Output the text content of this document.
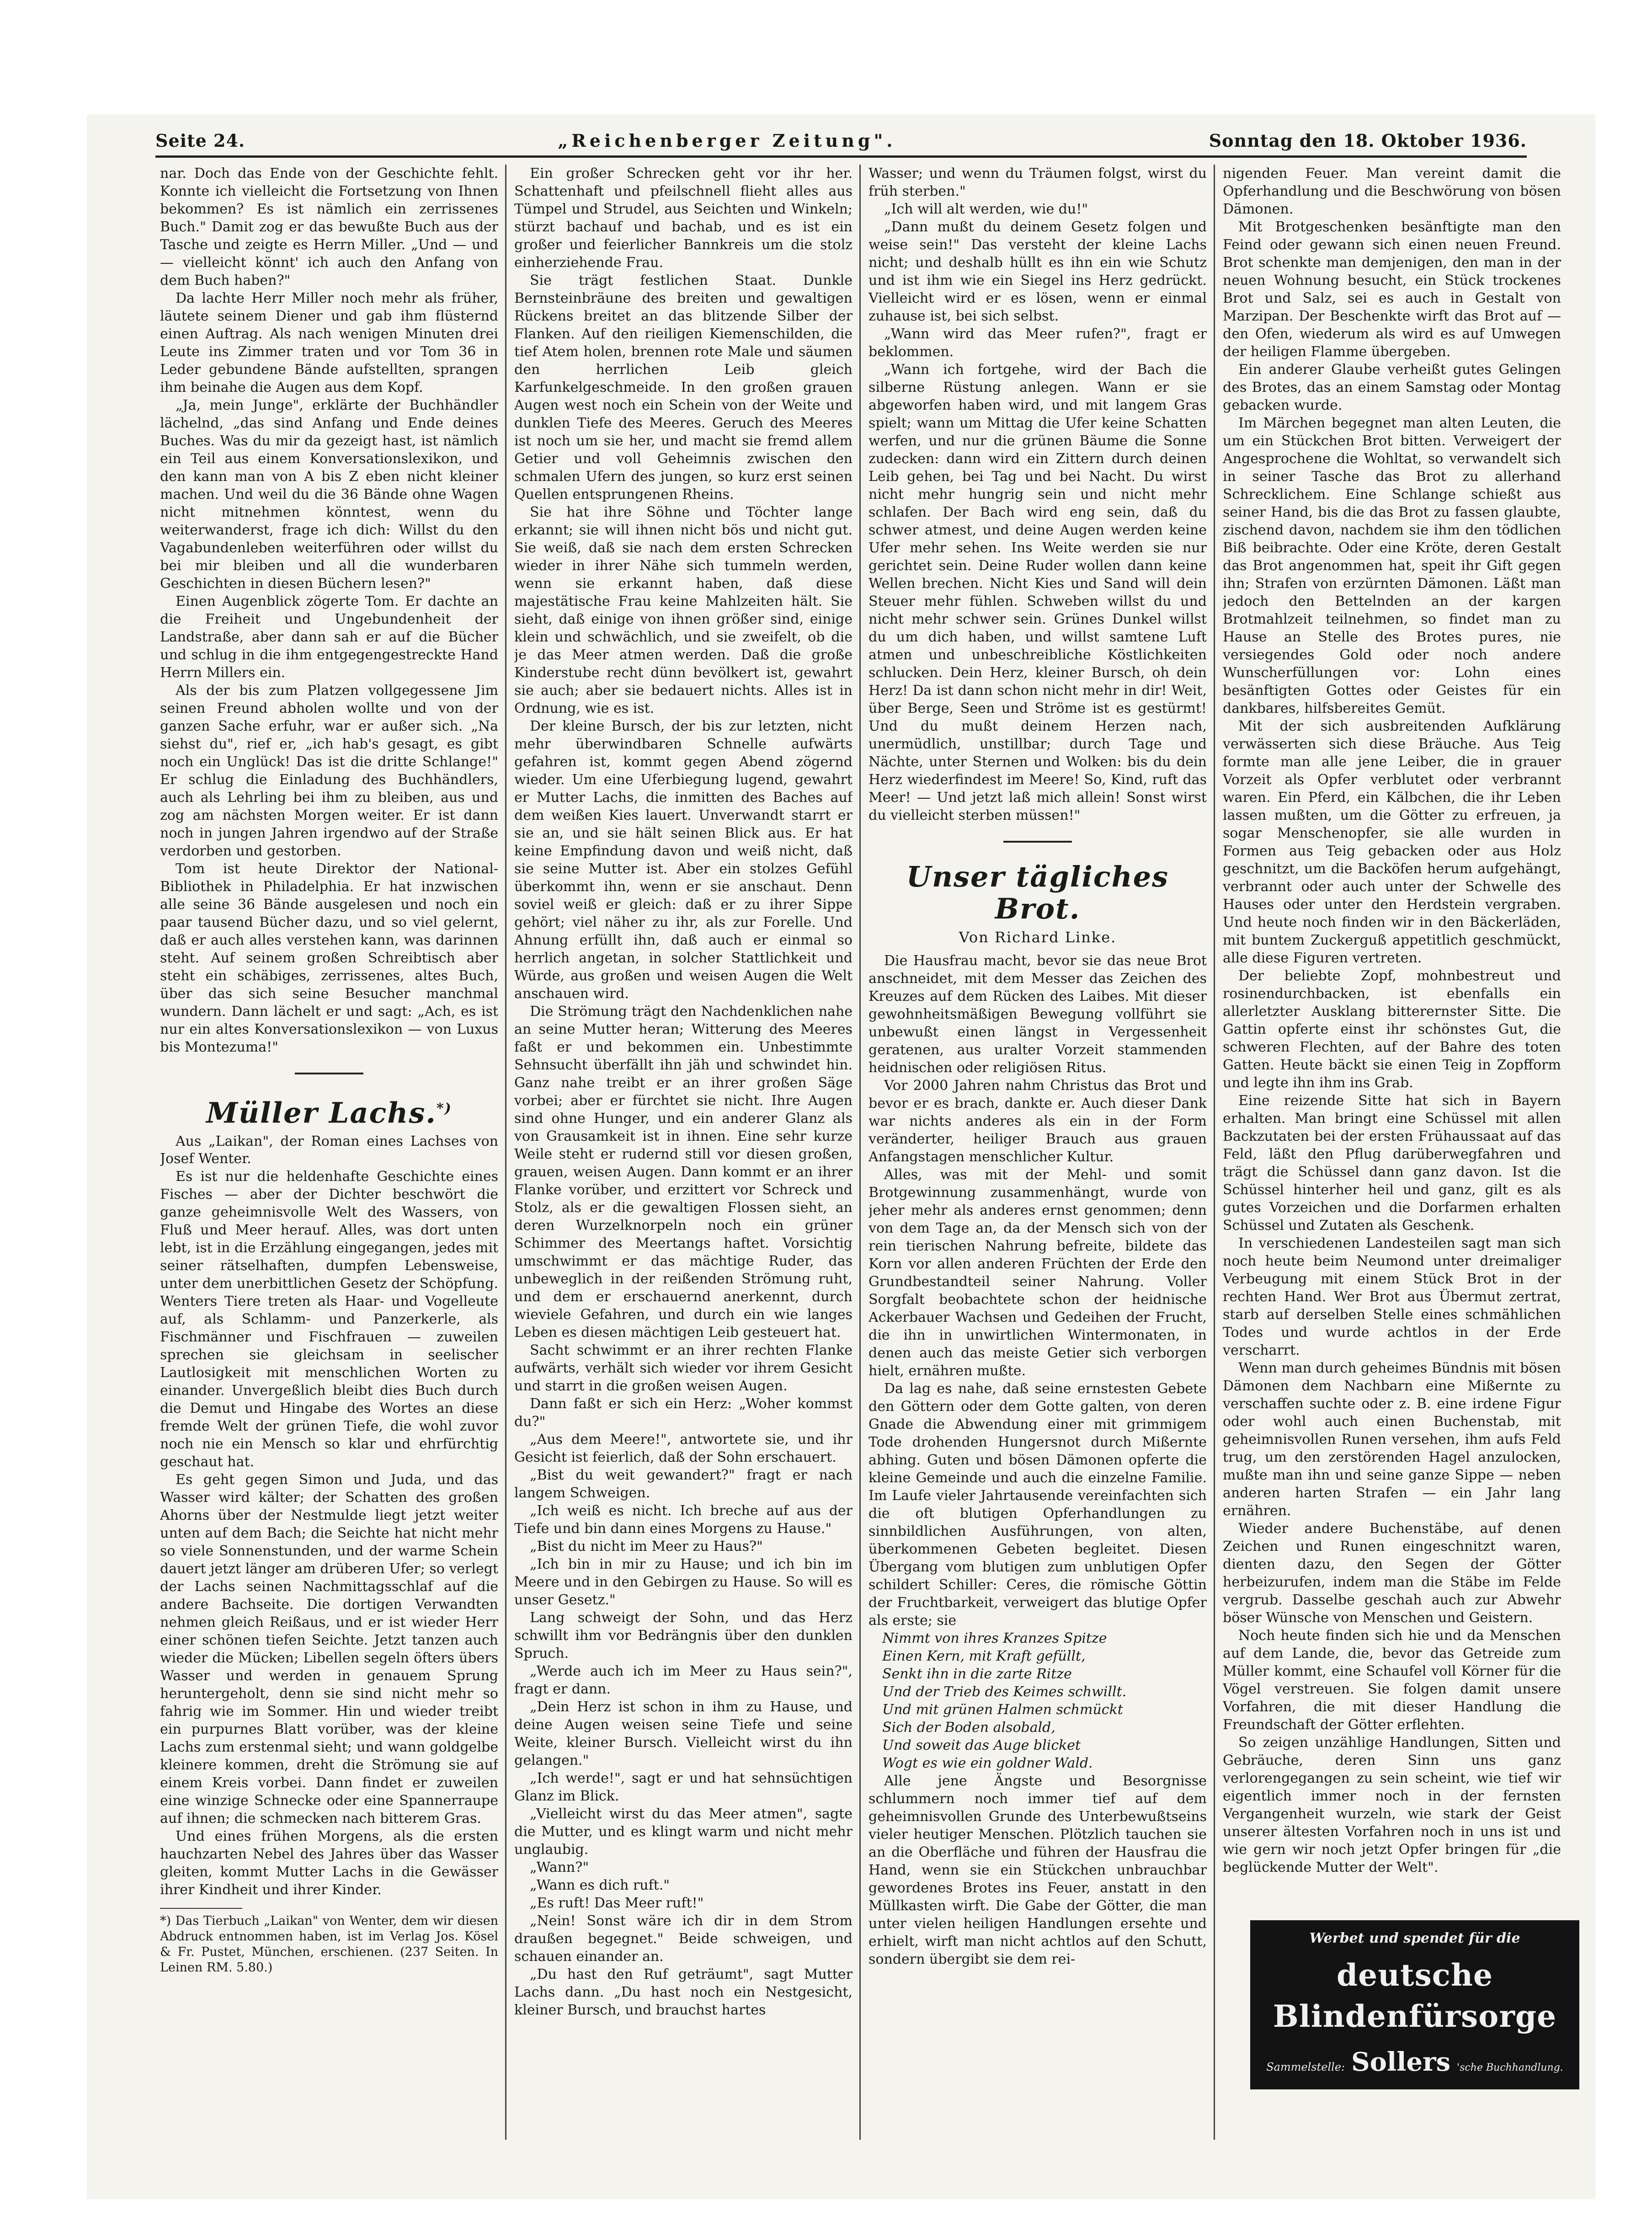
Seite 24.	„Reichenberger Zeitung".	Sonntag den 18. Oktober 1936.

nar. Doch das Ende von der Geschichte fehlt. Konnte ich vielleicht die Fortsetzung von Ihnen bekommen? Es ist nämlich ein zerrissenes Buch." Damit zog er das bewußte Buch aus der Tasche und zeigte es Herrn Miller. „Und — und — vielleicht könnt' ich auch den Anfang von dem Buch haben?"

Da lachte Herr Miller noch mehr als früher, läutete seinem Diener und gab ihm flüsternd einen Auftrag. Als nach wenigen Minuten drei Leute ins Zimmer traten und vor Tom 36 in Leder gebundene Bände aufstellten, sprangen ihm beinahe die Augen aus dem Kopf.

„Ja, mein Junge", erklärte der Buchhändler lächelnd, „das sind Anfang und Ende deines Buches. Was du mir da gezeigt hast, ist nämlich ein Teil aus einem Konversationslexikon, und den kann man von A bis Z eben nicht kleiner machen. Und weil du die 36 Bände ohne Wagen nicht mitnehmen könntest, wenn du weiterwanderst, frage ich dich: Willst du den Vagabundenleben weiterführen oder willst du bei mir bleiben und all die wunderbaren Geschichten in diesen Büchern lesen?"

Einen Augenblick zögerte Tom. Er dachte an die Freiheit und Ungebundenheit der Landstraße, aber dann sah er auf die Bücher und schlug in die ihm entgegengestreckte Hand Herrn Millers ein.

Als der bis zum Platzen vollgegessene Jim seinen Freund abholen wollte und von der ganzen Sache erfuhr, war er außer sich. „Na siehst du", rief er, „ich hab's gesagt, es gibt noch ein Unglück! Das ist die dritte Schlange!" Er schlug die Einladung des Buchhändlers, auch als Lehrling bei ihm zu bleiben, aus und zog am nächsten Morgen weiter. Er ist dann noch in jungen Jahren irgendwo auf der Straße verdorben und gestorben.

Tom ist heute Direktor der National-Bibliothek in Philadelphia. Er hat inzwischen alle seine 36 Bände ausgelesen und noch ein paar tausend Bücher dazu, und so viel gelernt, daß er auch alles verstehen kann, was darinnen steht. Auf seinem großen Schreibtisch aber steht ein schäbiges, zerrissenes, altes Buch, über das sich seine Besucher manchmal wundern. Dann lächelt er und sagt: „Ach, es ist nur ein altes Konversationslexikon — von Luxus bis Montezuma!"

Müller Lachs.*)

Aus „Laikan", der Roman eines Lachses von Josef Wenter.

Es ist nur die heldenhafte Geschichte eines Fisches — aber der Dichter beschwört die ganze geheimnisvolle Welt des Wassers, von Fluß und Meer herauf. Alles, was dort unten lebt, ist in die Erzählung eingegangen, jedes mit seiner rätselhaften, dumpfen Lebensweise, unter dem unerbittlichen Gesetz der Schöpfung. Wenters Tiere treten als Haar- und Vogelleute auf, als Schlamm- und Panzerkerle, als Fischmänner und Fischfrauen — zuweilen sprechen sie gleichsam in seelischer Lautlosigkeit mit menschlichen Worten zu einander. Unvergeßlich bleibt dies Buch durch die Demut und Hingabe des Wortes an diese fremde Welt der grünen Tiefe, die wohl zuvor noch nie ein Mensch so klar und ehrfürchtig geschaut hat.

Es geht gegen Simon und Juda, und das Wasser wird kälter; der Schatten des großen Ahorns über der Nestmulde liegt jetzt weiter unten auf dem Bach; die Seichte hat nicht mehr so viele Sonnenstunden, und der warme Schein dauert jetzt länger am drüberen Ufer; so verlegt der Lachs seinen Nachmittagsschlaf auf die andere Bachseite. Die dortigen Verwandten nehmen gleich Reißaus, und er ist wieder Herr einer schönen tiefen Seichte. Jetzt tanzen auch wieder die Mücken; Libellen segeln öfters übers Wasser und werden in genauem Sprung heruntergeholt, denn sie sind nicht mehr so fahrig wie im Sommer. Hin und wieder treibt ein purpurnes Blatt vorüber, was der kleine Lachs zum erstenmal sieht; und wann goldgelbe kleinere kommen, dreht die Strömung sie auf einem Kreis vorbei. Dann findet er zuweilen eine winzige Schnecke oder eine Spannerraupe auf ihnen; die schmecken nach bitterem Gras.

Und eines frühen Morgens, als die ersten hauchzarten Nebel des Jahres über das Wasser gleiten, kommt Mutter Lachs in die Gewässer ihrer Kindheit und ihrer Kinder.

*) Das Tierbuch „Laikan" von Wenter, dem wir diesen Abdruck entnommen haben, ist im Verlag Jos. Kösel & Fr. Pustet, München, erschienen. (237 Seiten. In Leinen RM. 5.80.)

Ein großer Schrecken geht vor ihr her. Schattenhaft und pfeilschnell flieht alles aus Tümpel und Strudel, aus Seichten und Winkeln; stürzt bachauf und bachab, und es ist ein großer und feierlicher Bannkreis um die stolz einherziehende Frau.

Sie trägt festlichen Staat. Dunkle Bernsteinbräune des breiten und gewaltigen Rückens breitet an das blitzende Silber der Flanken. Auf den rieiligen Kiemenschilden, die tief Atem holen, brennen rote Male und säumen den herrlichen Leib gleich Karfunkelgeschmeide. In den großen grauen Augen west noch ein Schein von der Weite und dunklen Tiefe des Meeres. Geruch des Meeres ist noch um sie her, und macht sie fremd allem Getier und voll Geheimnis zwischen den schmalen Ufern des jungen, so kurz erst seinen Quellen entsprungenen Rheins.

Sie hat ihre Söhne und Töchter lange erkannt; sie will ihnen nicht bös und nicht gut. Sie weiß, daß sie nach dem ersten Schrecken wieder in ihrer Nähe sich tummeln werden, wenn sie erkannt haben, daß diese majestätische Frau keine Mahlzeiten hält. Sie sieht, daß einige von ihnen größer sind, einige klein und schwächlich, und sie zweifelt, ob die je das Meer atmen werden. Daß die große Kinderstube recht dünn bevölkert ist, gewahrt sie auch; aber sie bedauert nichts. Alles ist in Ordnung, wie es ist.

Der kleine Bursch, der bis zur letzten, nicht mehr überwindbaren Schnelle aufwärts gefahren ist, kommt gegen Abend zögernd wieder. Um eine Uferbiegung lugend, gewahrt er Mutter Lachs, die inmitten des Baches auf dem weißen Kies lauert. Unverwandt starrt er sie an, und sie hält seinen Blick aus. Er hat keine Empfindung davon und weiß nicht, daß sie seine Mutter ist. Aber ein stolzes Gefühl überkommt ihn, wenn er sie anschaut. Denn soviel weiß er gleich: daß er zu ihrer Sippe gehört; viel näher zu ihr, als zur Forelle. Und Ahnung erfüllt ihn, daß auch er einmal so herrlich angetan, in solcher Stattlichkeit und Würde, aus großen und weisen Augen die Welt anschauen wird.

Die Strömung trägt den Nachdenklichen nahe an seine Mutter heran; Witterung des Meeres faßt er und bekommen ein. Unbestimmte Sehnsucht überfällt ihn jäh und schwindet hin. Ganz nahe treibt er an ihrer großen Säge vorbei; aber er fürchtet sie nicht. Ihre Augen sind ohne Hunger, und ein anderer Glanz als von Grausamkeit ist in ihnen. Eine sehr kurze Weile steht er rudernd still vor diesen großen, grauen, weisen Augen. Dann kommt er an ihrer Flanke vorüber, und erzittert vor Schreck und Stolz, als er die gewaltigen Flossen sieht, an deren Wurzelknorpeln noch ein grüner Schimmer des Meertangs haftet. Vorsichtig umschwimmt er das mächtige Ruder, das unbeweglich in der reißenden Strömung ruht, und dem er erschauernd anerkennt, durch wieviele Gefahren, und durch ein wie langes Leben es diesen mächtigen Leib gesteuert hat.

Sacht schwimmt er an ihrer rechten Flanke aufwärts, verhält sich wieder vor ihrem Gesicht und starrt in die großen weisen Augen.

Dann faßt er sich ein Herz: „Woher kommst du?"

„Aus dem Meere!", antwortete sie, und ihr Gesicht ist feierlich, daß der Sohn erschauert.

„Bist du weit gewandert?" fragt er nach langem Schweigen.

„Ich weiß es nicht. Ich breche auf aus der Tiefe und bin dann eines Morgens zu Hause."

„Bist du nicht im Meer zu Haus?"

„Ich bin in mir zu Hause; und ich bin im Meere und in den Gebirgen zu Hause. So will es unser Gesetz."

Lang schweigt der Sohn, und das Herz schwillt ihm vor Bedrängnis über den dunklen Spruch.

„Werde auch ich im Meer zu Haus sein?", fragt er dann.

„Dein Herz ist schon in ihm zu Hause, und deine Augen weisen seine Tiefe und seine Weite, kleiner Bursch. Vielleicht wirst du ihn gelangen."

„Ich werde!", sagt er und hat sehnsüchtigen Glanz im Blick.

„Vielleicht wirst du das Meer atmen", sagte die Mutter, und es klingt warm und nicht mehr unglaubig.

„Wann?"

„Wann es dich ruft."

„Es ruft! Das Meer ruft!"

„Nein! Sonst wäre ich dir in dem Strom draußen begegnet." Beide schweigen, und schauen einander an.

„Du hast den Ruf geträumt", sagt Mutter Lachs dann. „Du hast noch ein Nestgesicht, kleiner Bursch, und brauchst hartes

Wasser; und wenn du Träumen folgst, wirst du früh sterben."

„Ich will alt werden, wie du!"

„Dann mußt du deinem Gesetz folgen und weise sein!" Das versteht der kleine Lachs nicht; und deshalb hüllt es ihn ein wie Schutz und ist ihm wie ein Siegel ins Herz gedrückt. Vielleicht wird er es lösen, wenn er einmal zuhause ist, bei sich selbst.

„Wann wird das Meer rufen?", fragt er beklommen.

„Wann ich fortgehe, wird der Bach die silberne Rüstung anlegen. Wann er sie abgeworfen haben wird, und mit langem Gras spielt; wann um Mittag die Ufer keine Schatten werfen, und nur die grünen Bäume die Sonne zudecken: dann wird ein Zittern durch deinen Leib gehen, bei Tag und bei Nacht. Du wirst nicht mehr hungrig sein und nicht mehr schlafen. Der Bach wird eng sein, daß du schwer atmest, und deine Augen werden keine Ufer mehr sehen. Ins Weite werden sie nur gerichtet sein. Deine Ruder wollen dann keine Wellen brechen. Nicht Kies und Sand will dein Steuer mehr fühlen. Schweben willst du und nicht mehr schwer sein. Grünes Dunkel willst du um dich haben, und willst samtene Luft atmen und unbeschreibliche Köstlichkeiten schlucken. Dein Herz, kleiner Bursch, oh dein Herz! Da ist dann schon nicht mehr in dir! Weit, über Berge, Seen und Ströme ist es gestürmt! Und du mußt deinem Herzen nach, unermüdlich, unstillbar; durch Tage und Nächte, unter Sternen und Wolken: bis du dein Herz wiederfindest im Meere! So, Kind, ruft das Meer! — Und jetzt laß mich allein! Sonst wirst du vielleicht sterben müssen!"

Unser tägliches Brot.
Von Richard Linke.

Die Hausfrau macht, bevor sie das neue Brot anschneidet, mit dem Messer das Zeichen des Kreuzes auf dem Rücken des Laibes. Mit dieser gewohnheitsmäßigen Bewegung vollführt sie unbewußt einen längst in Vergessenheit geratenen, aus uralter Vorzeit stammenden heidnischen oder religiösen Ritus.

Vor 2000 Jahren nahm Christus das Brot und bevor er es brach, dankte er. Auch dieser Dank war nichts anderes als ein in der Form veränderter, heiliger Brauch aus grauen Anfangstagen menschlicher Kultur.

Alles, was mit der Mehl- und somit Brotgewinnung zusammenhängt, wurde von jeher mehr als anderes ernst genommen; denn von dem Tage an, da der Mensch sich von der rein tierischen Nahrung befreite, bildete das Korn vor allen anderen Früchten der Erde den Grundbestandteil seiner Nahrung. Voller Sorgfalt beobachtete schon der heidnische Ackerbauer Wachsen und Gedeihen der Frucht, die ihn in unwirtlichen Wintermonaten, in denen auch das meiste Getier sich verborgen hielt, ernähren mußte.

Da lag es nahe, daß seine ernstesten Gebete den Göttern oder dem Gotte galten, von deren Gnade die Abwendung einer mit grimmigem Tode drohenden Hungersnot durch Mißernte abhing. Guten und bösen Dämonen opferte die kleine Gemeinde und auch die einzelne Familie. Im Laufe vieler Jahrtausende vereinfachten sich die oft blutigen Opferhandlungen zu sinnbildlichen Ausführungen, von alten, überkommenen Gebeten begleitet. Diesen Übergang vom blutigen zum unblutigen Opfer schildert Schiller: Ceres, die römische Göttin der Fruchtbarkeit, verweigert das blutige Opfer als erste; sie

Nimmt von ihres Kranzes Spitze
Einen Kern, mit Kraft gefüllt,
Senkt ihn in die zarte Ritze
Und der Trieb des Keimes schwillt.
Und mit grünen Halmen schmückt
Sich der Boden alsobald,
Und soweit das Auge blicket
Wogt es wie ein goldner Wald.

Alle jene Ängste und Besorgnisse schlummern noch immer tief auf dem geheimnisvollen Grunde des Unterbewußtseins vieler heutiger Menschen. Plötzlich tauchen sie an die Oberfläche und führen der Hausfrau die Hand, wenn sie ein Stückchen unbrauchbar gewordenes Brotes ins Feuer, anstatt in den Müllkasten wirft. Die Gabe der Götter, die man unter vielen heiligen Handlungen ersehte und erhielt, wirft man nicht achtlos auf den Schutt, sondern übergibt sie dem rei-

nigenden Feuer. Man vereint damit die Opferhandlung und die Beschwörung von bösen Dämonen.

Mit Brotgeschenken besänftigte man den Feind oder gewann sich einen neuen Freund. Brot schenkte man demjenigen, den man in der neuen Wohnung besucht, ein Stück trockenes Brot und Salz, sei es auch in Gestalt von Marzipan. Der Beschenkte wirft das Brot auf — den Ofen, wiederum als wird es auf Umwegen der heiligen Flamme übergeben.

Ein anderer Glaube verheißt gutes Gelingen des Brotes, das an einem Samstag oder Montag gebacken wurde.

Im Märchen begegnet man alten Leuten, die um ein Stückchen Brot bitten. Verweigert der Angesprochene die Wohltat, so verwandelt sich in seiner Tasche das Brot zu allerhand Schrecklichem. Eine Schlange schießt aus seiner Hand, bis die das Brot zu fassen glaubte, zischend davon, nachdem sie ihm den tödlichen Biß beibrachte. Oder eine Kröte, deren Gestalt das Brot angenommen hat, speit ihr Gift gegen ihn; Strafen von erzürnten Dämonen. Läßt man jedoch den Bettelnden an der kargen Brotmahlzeit teilnehmen, so findet man zu Hause an Stelle des Brotes pures, nie versiegendes Gold oder noch andere Wunscherfüllungen vor: Lohn eines besänftigten Gottes oder Geistes für ein dankbares, hilfsbereites Gemüt.

Mit der sich ausbreitenden Aufklärung verwässerten sich diese Bräuche. Aus Teig formte man alle jene Leiber, die in grauer Vorzeit als Opfer verblutet oder verbrannt waren. Ein Pferd, ein Kälbchen, die ihr Leben lassen mußten, um die Götter zu erfreuen, ja sogar Menschenopfer, sie alle wurden in Formen aus Teig gebacken oder aus Holz geschnitzt, um die Backöfen herum aufgehängt, verbrannt oder auch unter der Schwelle des Hauses oder unter den Herdstein vergraben. Und heute noch finden wir in den Bäckerläden, mit buntem Zuckerguß appetitlich geschmückt, alle diese Figuren vertreten.

Der beliebte Zopf, mohnbestreut und rosinendurchbacken, ist ebenfalls ein allerletzter Ausklang bitterernster Sitte. Die Gattin opferte einst ihr schönstes Gut, die schweren Flechten, auf der Bahre des toten Gatten. Heute bäckt sie einen Teig in Zopfform und legte ihn ihm ins Grab.

Eine reizende Sitte hat sich in Bayern erhalten. Man bringt eine Schüssel mit allen Backzutaten bei der ersten Frühaussaat auf das Feld, läßt den Pflug darüberwegfahren und trägt die Schüssel dann ganz davon. Ist die Schüssel hinterher heil und ganz, gilt es als gutes Vorzeichen und die Dorfarmen erhalten Schüssel und Zutaten als Geschenk.

In verschiedenen Landesteilen sagt man sich noch heute beim Neumond unter dreimaliger Verbeugung mit einem Stück Brot in der rechten Hand. Wer Brot aus Übermut zertrat, starb auf derselben Stelle eines schmählichen Todes und wurde achtlos in der Erde verscharrt.

Wenn man durch geheimes Bündnis mit bösen Dämonen dem Nachbarn eine Mißernte zu verschaffen suchte oder z. B. eine irdene Figur oder wohl auch einen Buchenstab, mit geheimnisvollen Runen versehen, ihm aufs Feld trug, um den zerstörenden Hagel anzulocken, mußte man ihn und seine ganze Sippe — neben anderen harten Strafen — ein Jahr lang ernähren.

Wieder andere Buchenstäbe, auf denen Zeichen und Runen eingeschnitzt waren, dienten dazu, den Segen der Götter herbeizurufen, indem man die Stäbe im Felde vergrub. Dasselbe geschah auch zur Abwehr böser Wünsche von Menschen und Geistern.

Noch heute finden sich hie und da Menschen auf dem Lande, die, bevor das Getreide zum Müller kommt, eine Schaufel voll Körner für die Vögel verstreuen. Sie folgen damit unsere Vorfahren, die mit dieser Handlung die Freundschaft der Götter erflehten.

So zeigen unzählige Handlungen, Sitten und Gebräuche, deren Sinn uns ganz verlorengegangen zu sein scheint, wie tief wir eigentlich immer noch in der fernsten Vergangenheit wurzeln, wie stark der Geist unserer ältesten Vorfahren noch in uns ist und wie gern wir noch jetzt Opfer bringen für „die beglückende Mutter der Welt".

Werbet und spendet für die
deutsche Blindenfürsorge
Sammelstelle: Sollers 'sche Buchhandlung.
